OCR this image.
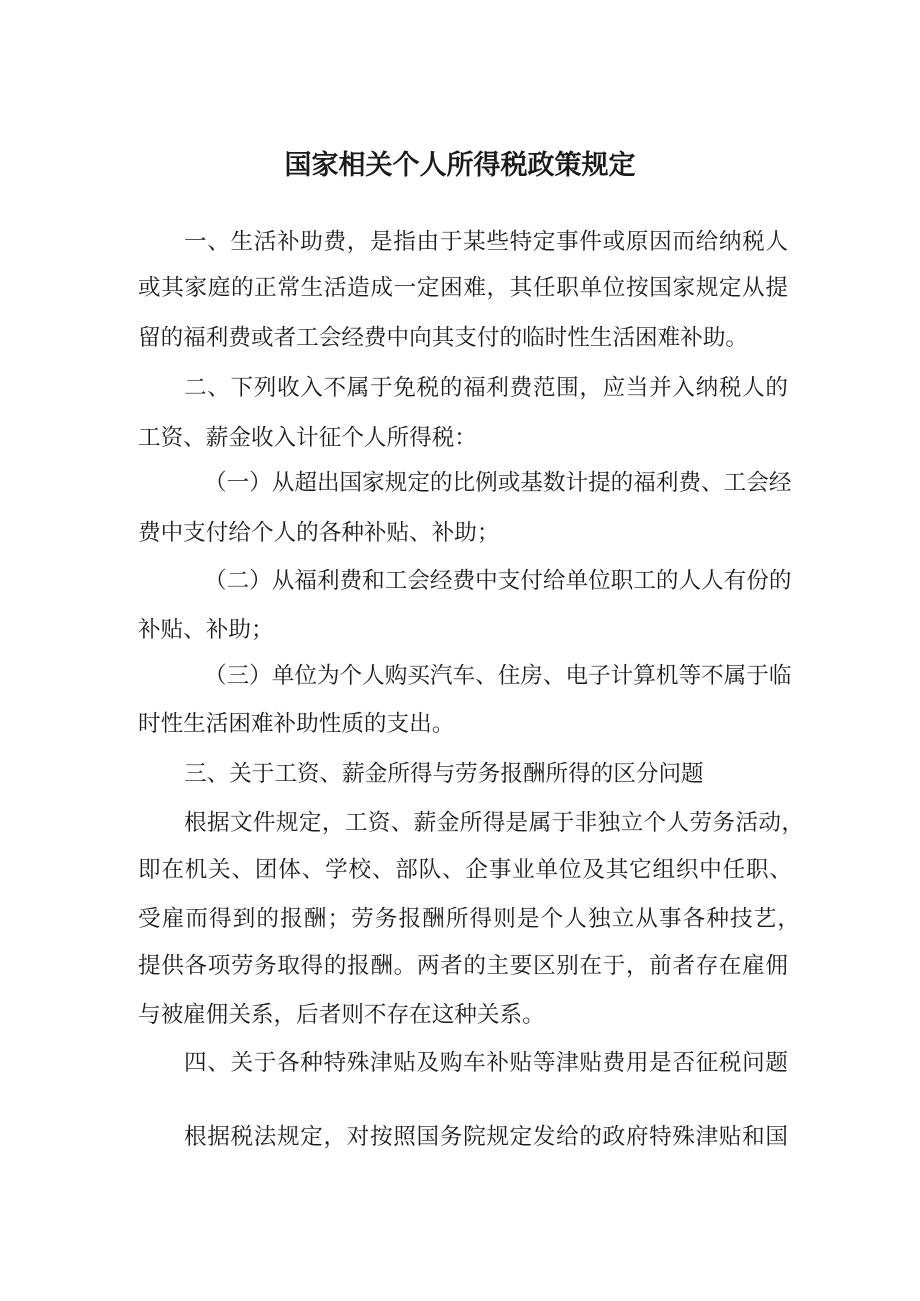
国家相关个人所得税政策规定
一、生活补助费，是指由于某些特定事件或原因而给纳税人
或其家庭的正常生活造成一定困难，其任职单位按国家规定从提
留的福利费或者工会经费中向其支付的临时性生活困难补助。
二、下列收入不属于免税的福利费范围，应当并入纳税人的
工资、薪金收入计征个人所得税：
（一）从超出国家规定的比例或基数计提的福利费、工会经
费中支付给个人的各种补贴、补助；
（二）从福利费和工会经费中支付给单位职工的人人有份的
补贴、补助；
（三）单位为个人购买汽车、住房、电子计算机等不属于临
时性生活困难补助性质的支出。
三、关于工资、薪金所得与劳务报酬所得的区分问题
根据文件规定，工资、薪金所得是属于非独立个人劳务活动，
即在机关、团体、学校、部队、企事业单位及其它组织中任职、
受雇而得到的报酬；劳务报酬所得则是个人独立从事各种技艺，
提供各项劳务取得的报酬。两者的主要区别在于，前者存在雇佣
与被雇佣关系，后者则不存在这种关系。
四、关于各种特殊津贴及购车补贴等津贴费用是否征税问题
根据税法规定，对按照国务院规定发给的政府特殊津贴和国
